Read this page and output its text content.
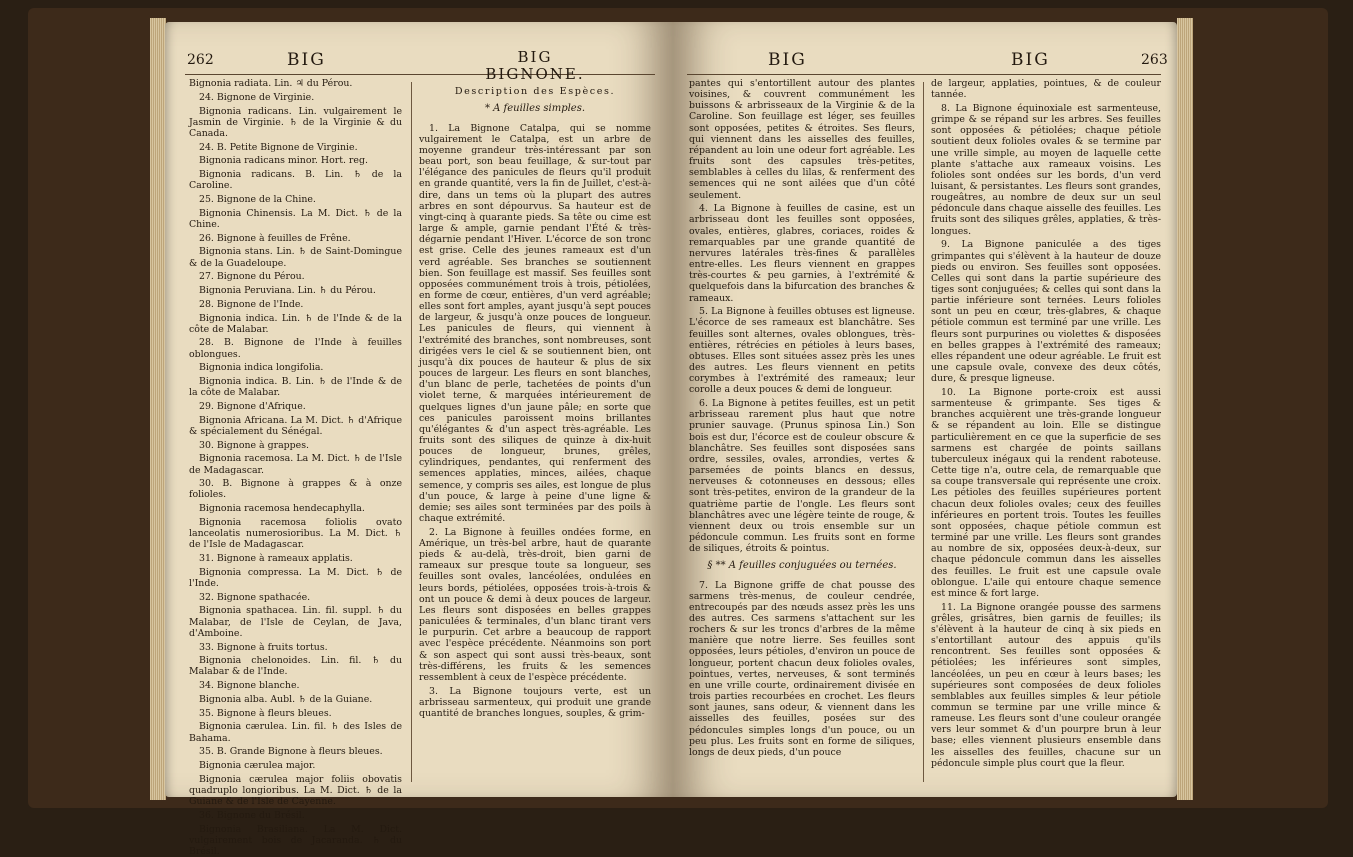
262	BIG

Bignonia radiata. Lin. ♃ du Pérou.

24. Bignone de Virginie.

Bignonia radicans. Lin. vulgairement le Jasmin de Virginie. ♄ de la Virginie & du Canada.

24. B. Petite Bignone de Virginie.

Bignonia radicans minor. Hort. reg.

Bignonia radicans. B. Lin. ♄ de la Caroline.

25. Bignone de la Chine.

Bignonia Chinensis. La M. Dict. ♄ de la Chine.

26. Bignone à feuilles de Frêne.

Bignonia stans. Lin. ♄ de Saint-Domingue & de la Guadeloupe.

27. Bignone du Pérou.

Bignonia Peruviana. Lin. ♄ du Pérou.

28. Bignone de l'Inde.

Bignonia indica. Lin. ♄ de l'Inde & de la côte de Malabar.

28. B. Bignone de l'Inde à feuilles oblongues.

Bignonia indica longifolia.

Bignonia indica. B. Lin. ♄ de l'Inde & de la côte de Malabar.

29. Bignone d'Afrique.

Bignonia Africana. La M. Dict. ♄ d'Afrique & spécialement du Sénégal.

30. Bignone à grappes.

Bignonia racemosa. La M. Dict. ♄ de l'Isle de Madagascar.

30. B. Bignone à grappes & à onze folioles.

Bignonia racemosa hendecaphylla.

Bignonia racemosa foliolis ovato lanceolatis numerosioribus. La M. Dict. ♄ de l'Isle de Madagascar.

31. Bignone à rameaux applatis.

Bignonia compressa. La M. Dict. ♄ de l'Inde.

32. Bignone spathacée.

Bignonia spathacea. Lin. fil. suppl. ♄ du Malabar, de l'Isle de Ceylan, de Java, d'Amboine.

33. Bignone à fruits tortus.

Bignonia chelonoides. Lin. fil. ♄ du Malabar & de l'Inde.

34. Bignone blanche.

Bignonia alba. Aubl. ♄ de la Guiane.

35. Bignone à fleurs bleues.

Bignonia cærulea. Lin. fil. ♄ des Isles de Bahama.

35. B. Grande Bignone à fleurs bleues.

Bignonia cærulea major.

Bignonia cærulea major foliis obovatis quadruplo longioribus. La M. Dict. ♄ de la Guiane & de l'Isle de Cayenne.

36. Bignone du Brésil.

Bignonia Brasiliana. La M. Dict. vulgairement bois de Jacaranda. ♄ du Brésil.

BIG
BIGNONE.
Description des Espèces.
* A feuilles simples.

1. La Bignone Catalpa, qui se nomme vulgairement le Catalpa, est un arbre de moyenne grandeur très-intéressant par son beau port, son beau feuillage, & sur-tout par l'élégance des panicules de fleurs qu'il produit en grande quantité, vers la fin de Juillet, c'est-à-dire, dans un tems où la plupart des autres arbres en sont dépourvus. Sa hauteur est de vingt-cinq à quarante pieds. Sa tête ou cime est large & ample, garnie pendant l'Été & très-dégarnie pendant l'Hiver. L'écorce de son tronc est grise. Celle des jeunes rameaux est d'un verd agréable. Ses branches se soutiennent bien. Son feuillage est massif. Ses feuilles sont opposées communément trois à trois, pétiolées, en forme de cœur, entières, d'un verd agréable; elles sont fort amples, ayant jusqu'à sept pouces de largeur, & jusqu'à onze pouces de longueur. Les panicules de fleurs, qui viennent à l'extrémité des branches, sont nombreuses, sont dirigées vers le ciel & se soutiennent bien, ont jusqu'à dix pouces de hauteur & plus de six pouces de largeur. Les fleurs en sont blanches, d'un blanc de perle, tachetées de points d'un violet terne, & marquées intérieurement de quelques lignes d'un jaune pâle; en sorte que ces panicules paroissent moins brillantes qu'élégantes & d'un aspect très-agréable. Les fruits sont des siliques de quinze à dix-huit pouces de longueur, brunes, grêles, cylindriques, pendantes, qui renferment des semences applaties, minces, ailées, chaque semence, y compris ses ailes, est longue de plus d'un pouce, & large à peine d'une ligne & demie; ses ailes sont terminées par des poils à chaque extrémité.

2. La Bignone à feuilles ondées forme, en Amérique, un très-bel arbre, haut de quarante pieds & au-delà, très-droit, bien garni de rameaux sur presque toute sa longueur, ses feuilles sont ovales, lancéolées, ondulées en leurs bords, pétiolées, opposées trois-à-trois & ont un pouce & demi à deux pouces de largeur. Les fleurs sont disposées en belles grappes paniculées & terminales, d'un blanc tirant vers le purpurin. Cet arbre a beaucoup de rapport avec l'espèce précédente. Néanmoins son port & son aspect qui sont aussi très-beaux, sont très-différens, les fruits & les semences ressemblent à ceux de l'espèce précédente.

3. La Bignone toujours verte, est un arbrisseau sarmenteux, qui produit une grande quantité de branches longues, souples, & grim-

BIG	BIG	263

pantes qui s'entortillent autour des plantes voisines, & couvrent communément les buissons & arbrisseaux de la Virginie & de la Caroline. Son feuillage est léger, ses feuilles sont opposées, petites & étroites. Ses fleurs, qui viennent dans les aisselles des feuilles, répandent au loin une odeur fort agréable. Les fruits sont des capsules très-petites, semblables à celles du lilas, & renferment des semences qui ne sont ailées que d'un côté seulement.

4. La Bignone à feuilles de casine, est un arbrisseau dont les feuilles sont opposées, ovales, entières, glabres, coriaces, roides & remarquables par une grande quantité de nervures latérales très-fines & parallèles entre-elles. Les fleurs viennent en grappes très-courtes & peu garnies, à l'extrémité & quelquefois dans la bifurcation des branches & rameaux.

5. La Bignone à feuilles obtuses est ligneuse. L'écorce de ses rameaux est blanchâtre. Ses feuilles sont alternes, ovales oblongues, très-entières, rétrécies en pétioles à leurs bases, obtuses. Elles sont situées assez près les unes des autres. Les fleurs viennent en petits corymbes à l'extrémité des rameaux; leur corolle a deux pouces & demi de longueur.

6. La Bignone à petites feuilles, est un petit arbrisseau rarement plus haut que notre prunier sauvage. (Prunus spinosa Lin.) Son bois est dur, l'écorce est de couleur obscure & blanchâtre. Ses feuilles sont disposées sans ordre, sessiles, ovales, arrondies, vertes & parsemées de points blancs en dessus, nerveuses & cotonneuses en dessous; elles sont très-petites, environ de la grandeur de la quatrième partie de l'ongle. Les fleurs sont blanchâtres avec une légère teinte de rouge, & viennent deux ou trois ensemble sur un pédoncule commun. Les fruits sont en forme de siliques, étroits & pointus.

§ ** A feuilles conjuguées ou ternées.

7. La Bignone griffe de chat pousse des sarmens très-menus, de couleur cendrée, entrecoupés par des nœuds assez près les uns des autres. Ces sarmens s'attachent sur les rochers & sur les troncs d'arbres de la même manière que notre lierre. Ses feuilles sont opposées, leurs pétioles, d'environ un pouce de longueur, portent chacun deux folioles ovales, pointues, vertes, nerveuses, & sont terminés en une vrille courte, ordinairement divisée en trois parties recourbées en crochet. Les fleurs sont jaunes, sans odeur, & viennent dans les aisselles des feuilles, posées sur des pédoncules simples longs d'un pouce, ou un peu plus. Les fruits sont en forme de siliques, longs de deux pieds, d'un pouce

de largeur, applaties, pointues, & de couleur tannée.

8. La Bignone équinoxiale est sarmenteuse, grimpe & se répand sur les arbres. Ses feuilles sont opposées & pétiolées; chaque pétiole soutient deux folioles ovales & se termine par une vrille simple, au moyen de laquelle cette plante s'attache aux rameaux voisins. Les folioles sont ondées sur les bords, d'un verd luisant, & persistantes. Les fleurs sont grandes, rougeâtres, au nombre de deux sur un seul pédoncule dans chaque aisselle des feuilles. Les fruits sont des siliques grêles, applaties, & très-longues.

9. La Bignone paniculée a des tiges grimpantes qui s'élèvent à la hauteur de douze pieds ou environ. Ses feuilles sont opposées. Celles qui sont dans la partie supérieure des tiges sont conjuguées; & celles qui sont dans la partie inférieure sont ternées. Leurs folioles sont un peu en cœur, très-glabres, & chaque pétiole commun est terminé par une vrille. Les fleurs sont purpurines ou violettes & disposées en belles grappes à l'extrémité des rameaux; elles répandent une odeur agréable. Le fruit est une capsule ovale, convexe des deux côtés, dure, & presque ligneuse.

10. La Bignone porte-croix est aussi sarmenteuse & grimpante. Ses tiges & branches acquièrent une très-grande longueur & se répandent au loin. Elle se distingue particulièrement en ce que la superficie de ses sarmens est chargée de points saillans tuberculeux inégaux qui la rendent raboteuse. Cette tige n'a, outre cela, de remarquable que sa coupe transversale qui représente une croix. Les pétioles des feuilles supérieures portent chacun deux folioles ovales; ceux des feuilles inférieures en portent trois. Toutes les feuilles sont opposées, chaque pétiole commun est terminé par une vrille. Les fleurs sont grandes au nombre de six, opposées deux-à-deux, sur chaque pédoncule commun dans les aisselles des feuilles. Le fruit est une capsule ovale oblongue. L'aile qui entoure chaque semence est mince & fort large.

11. La Bignone orangée pousse des sarmens grêles, grisâtres, bien garnis de feuilles; ils s'élèvent à la hauteur de cinq à six pieds en s'entortillant autour des appuis qu'ils rencontrent. Ses feuilles sont opposées & pétiolées; les inférieures sont simples, lancéolées, un peu en cœur à leurs bases; les supérieures sont composées de deux folioles semblables aux feuilles simples & leur pétiole commun se termine par une vrille mince & rameuse. Les fleurs sont d'une couleur orangée vers leur sommet & d'un pourpre brun à leur base; elles viennent plusieurs ensemble dans les aisselles des feuilles, chacune sur un pédoncule simple plus court que la fleur.
